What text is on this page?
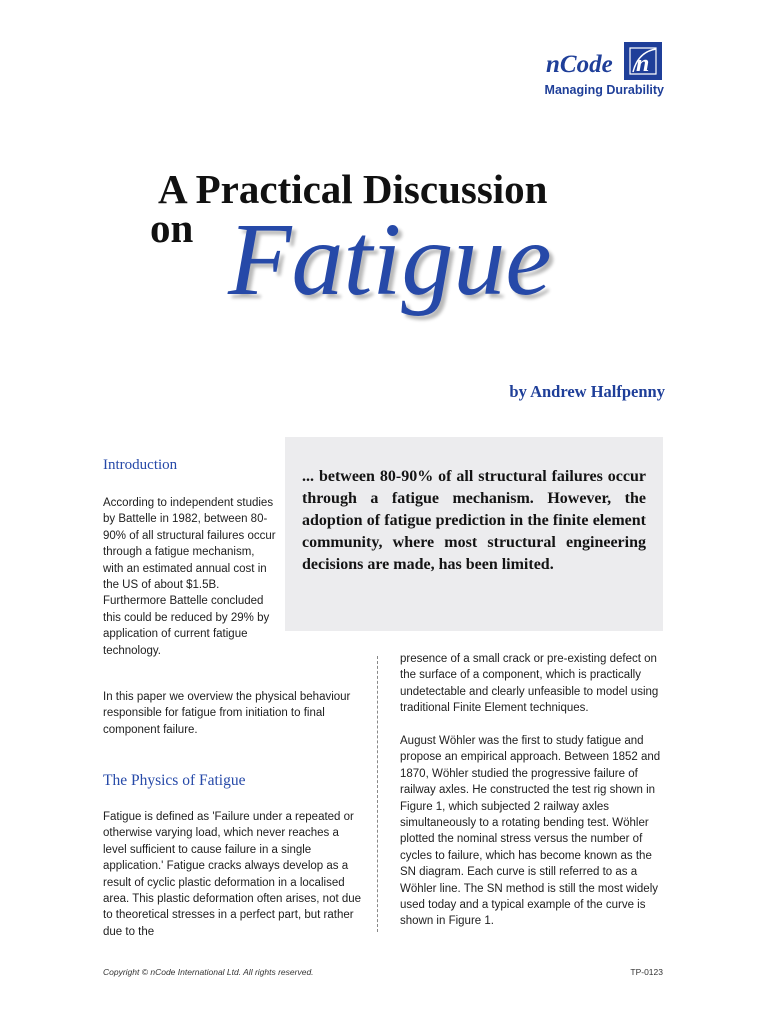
nCode n
Managing Durability
A Practical Discussion
on Fatigue
by Andrew Halfpenny
Introduction
According to independent studies by Battelle in 1982, between 80-90% of all structural failures occur through a fatigue mechanism, with an estimated annual cost in the US of about $1.5B. Furthermore Battelle concluded this could be reduced by 29% by application of current fatigue technology.
In this paper we overview the physical behaviour responsible for fatigue from initiation to final component failure.
... between 80-90% of all structural failures occur through a fatigue mechanism. However, the adoption of fatigue prediction in the finite element community, where most structural engineering decisions are made, has been limited.
The Physics of Fatigue
Fatigue is defined as 'Failure under a repeated or otherwise varying load, which never reaches a level sufficient to cause failure in a single application.' Fatigue cracks always develop as a result of cyclic plastic deformation in a localised area. This plastic deformation often arises, not due to theoretical stresses in a perfect part, but rather due to the
presence of a small crack or pre-existing defect on the surface of a component, which is practically undetectable and clearly unfeasible to model using traditional Finite Element techniques.
August Wöhler was the first to study fatigue and propose an empirical approach. Between 1852 and 1870, Wöhler studied the progressive failure of railway axles. He constructed the test rig shown in Figure 1, which subjected 2 railway axles simultaneously to a rotating bending test. Wöhler plotted the nominal stress versus the number of cycles to failure, which has become known as the SN diagram. Each curve is still referred to as a Wöhler line. The SN method is still the most widely used today and a typical example of the curve is shown in Figure 1.
Copyright © nCode International Ltd. All rights reserved.	TP-0123
